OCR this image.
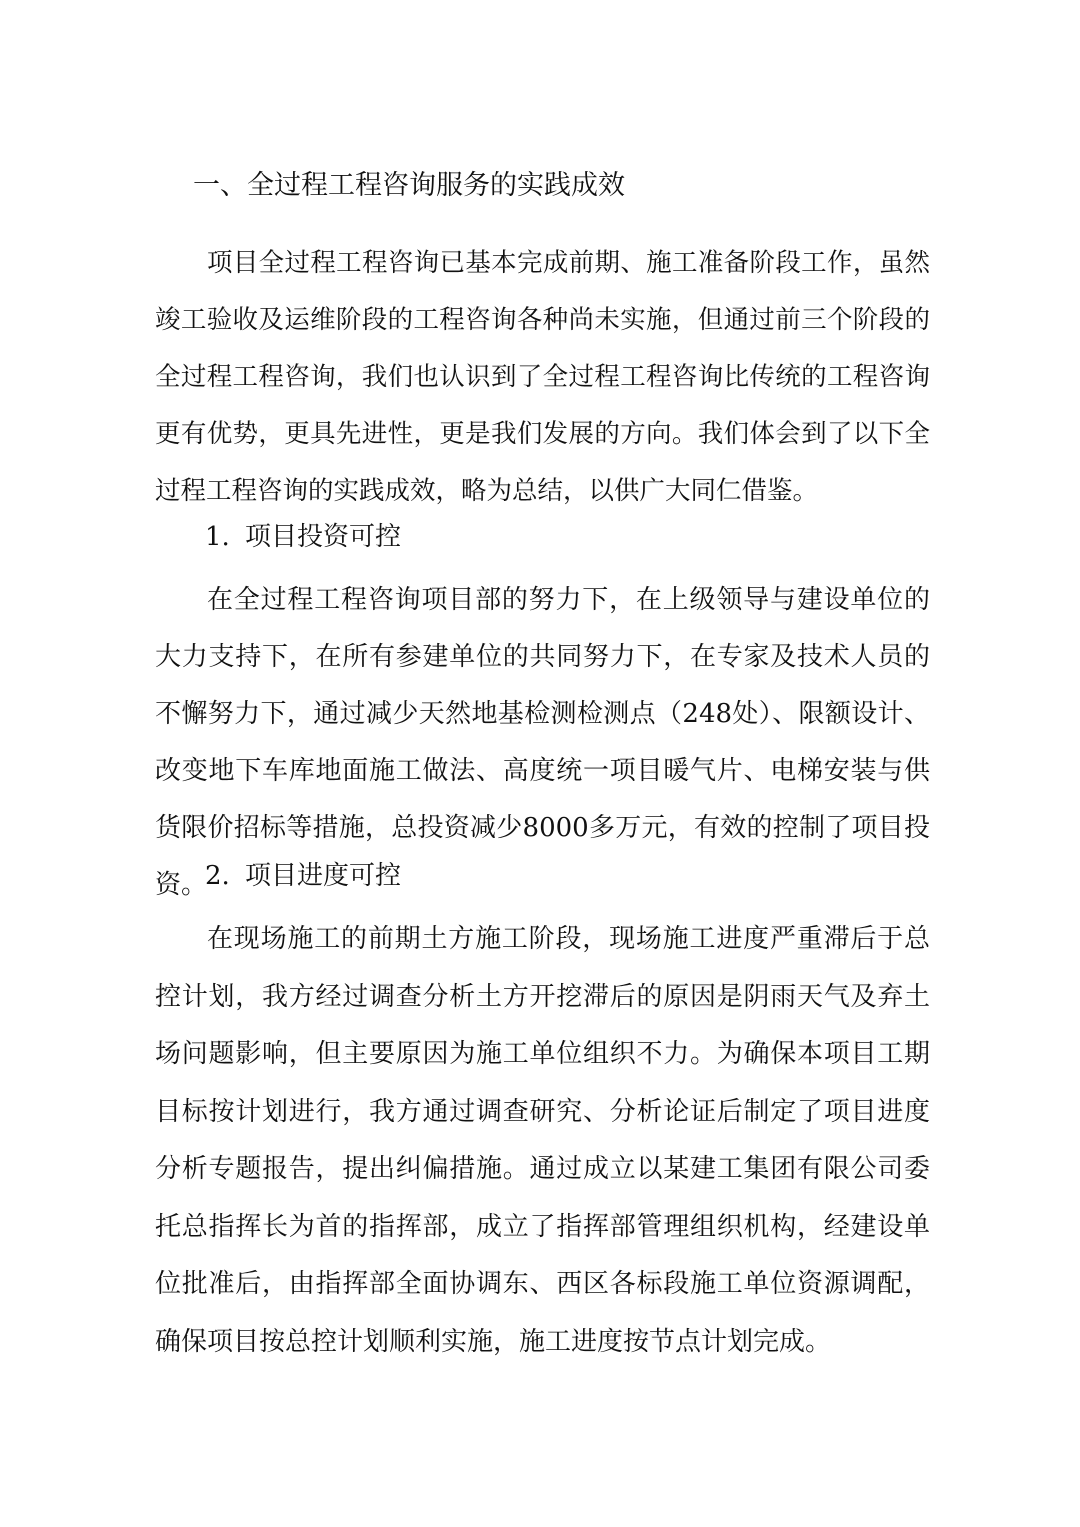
一、全过程工程咨询服务的实践成效

项目全过程工程咨询已基本完成前期、施工准备阶段工作，虽然竣工验收及运维阶段的工程咨询各种尚未实施，但通过前三个阶段的全过程工程咨询，我们也认识到了全过程工程咨询比传统的工程咨询更有优势，更具先进性，更是我们发展的方向。我们体会到了以下全过程工程咨询的实践成效，略为总结，以供广大同仁借鉴。

1. 项目投资可控

在全过程工程咨询项目部的努力下，在上级领导与建设单位的大力支持下，在所有参建单位的共同努力下，在专家及技术人员的不懈努力下，通过减少天然地基检测检测点（248处）、限额设计、改变地下车库地面施工做法、高度统一项目暖气片、电梯安装与供货限价招标等措施，总投资减少8000多万元，有效的控制了项目投资。

2. 项目进度可控

在现场施工的前期土方施工阶段，现场施工进度严重滞后于总控计划，我方经过调查分析土方开挖滞后的原因是阴雨天气及弃土场问题影响，但主要原因为施工单位组织不力。为确保本项目工期目标按计划进行，我方通过调查研究、分析论证后制定了项目进度分析专题报告，提出纠偏措施。通过成立以某建工集团有限公司委托总指挥长为首的指挥部，成立了指挥部管理组织机构，经建设单位批准后，由指挥部全面协调东、西区各标段施工单位资源调配，确保项目按总控计划顺利实施，施工进度按节点计划完成。
